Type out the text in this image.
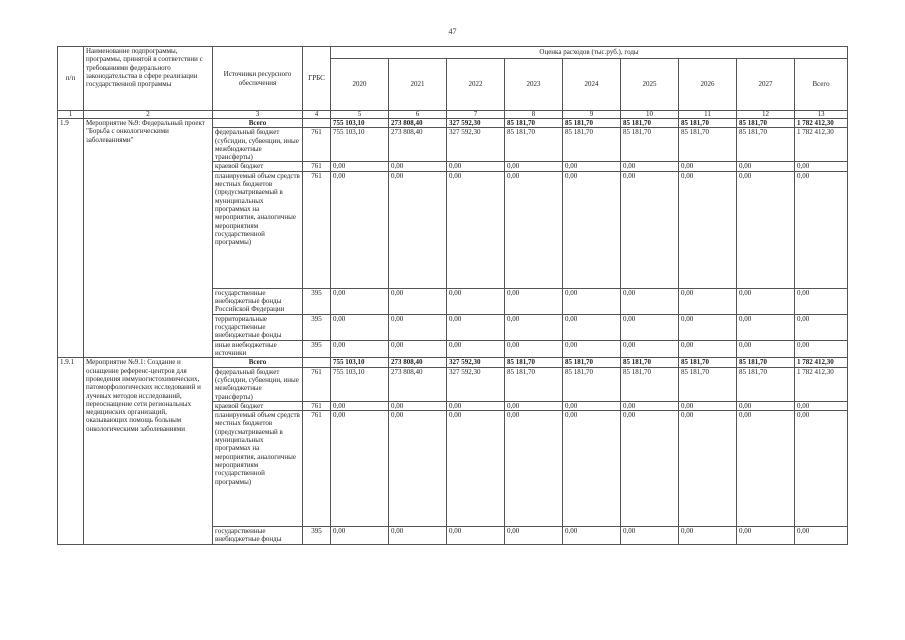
47
п/п	Наименование подпрограммы, программы, принятой в соответствии с требованиями федерального законодательства в сфере реализации государственной программы	Источники ресурсного обеспечения	ГРБС	Оценка расходов (тыс.руб.), годы								
				2020	2021	2022	2023	2024	2025	2026	2027	Всего
1	2	3	4	5	6	7	8	9	10	11	12	13
1.9	Мероприятие №9: Федеральный проект "Борьба с онкологическими заболеваниями"	Всего		755 103,10	273 808,40	327 592,30	85 181,70	85 181,70	85 181,70	85 181,70	85 181,70	1 782 412,30
		федеральный бюджет (субсидии, субвенции, иные межбюджетные трансферты)	761	755 103,10	273 808,40	327 592,30	85 181,70	85 181,70	85 181,70	85 181,70	85 181,70	1 782 412,30
		краевой бюджет	761	0,00	0,00	0,00	0,00	0,00	0,00	0,00	0,00	0,00
		планируемый объем средств местных бюджетов (предусматриваемый в муниципальных программах на мероприятия, аналогичные мероприятиям государственной программы)	761	0,00	0,00	0,00	0,00	0,00	0,00	0,00	0,00	0,00
		государственные внебюджетные фонды Российской Федерации	395	0,00	0,00	0,00	0,00	0,00	0,00	0,00	0,00	0,00
		территориальные государственные внебюджетные фонды	395	0,00	0,00	0,00	0,00	0,00	0,00	0,00	0,00	0,00
		иные внебюджетные источники	395	0,00	0,00	0,00	0,00	0,00	0,00	0,00	0,00	0,00
1.9.1	Мероприятие №9.1: Создание и оснащение референс-центров для проведения иммуногистохимических, патоморфологических исследований и лучевых методов исследований, переоснащение сети региональных медицинских организаций, оказывающих помощь больным онкологическими заболеваниями	Всего		755 103,10	273 808,40	327 592,30	85 181,70	85 181,70	85 181,70	85 181,70	85 181,70	1 782 412,30
		федеральный бюджет (субсидии, субвенции, иные межбюджетные трансферты)	761	755 103,10	273 808,40	327 592,30	85 181,70	85 181,70	85 181,70	85 181,70	85 181,70	1 782 412,30
		краевой бюджет	761	0,00	0,00	0,00	0,00	0,00	0,00	0,00	0,00	0,00
		планируемый объем средств местных бюджетов (предусматриваемый в муниципальных программах на мероприятия, аналогичные мероприятиям государственной программы)	761	0,00	0,00	0,00	0,00	0,00	0,00	0,00	0,00	0,00
		государственные внебюджетные фонды	395	0,00	0,00	0,00	0,00	0,00	0,00	0,00	0,00	0,00
